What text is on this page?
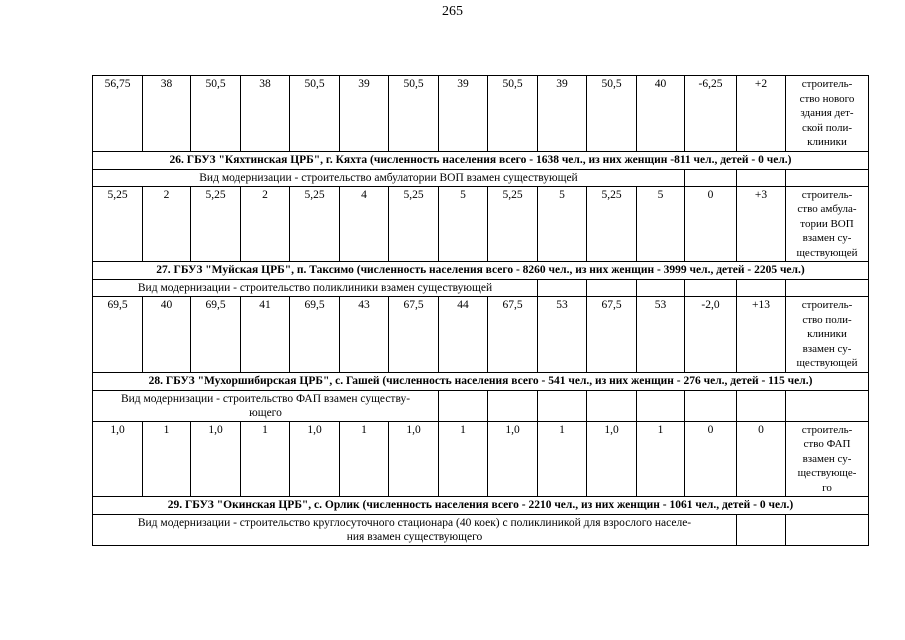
265
56,75	38	50,5	38	50,5	39	50,5	39	50,5	39	50,5	40	-6,25	+2	строитель-
ство нового
здания дет-
ской поли-
клиники
26. ГБУЗ "Кяхтинская ЦРБ", г. Кяхта (численность населения всего - 1638 чел., из них женщин -811 чел., детей - 0 чел.)														
Вид модернизации - строительство амбулатории ВОП взамен существующей														
5,25	2	5,25	2	5,25	4	5,25	5	5,25	5	5,25	5	0	+3	строитель-
ство амбула-
тории ВОП
взамен су-
ществующей
27. ГБУЗ "Муйская ЦРБ", п. Таксимо (численность населения всего - 8260 чел., из них женщин - 3999 чел., детей - 2205 чел.)														
Вид модернизации - строительство поликлиники взамен существующей														
69,5	40	69,5	41	69,5	43	67,5	44	67,5	53	67,5	53	-2,0	+13	строитель-
ство поли-
клиники
взамен су-
ществующей
28. ГБУЗ "Мухоршибирская ЦРБ", с. Гашей (численность населения всего - 541 чел., из них женщин - 276 чел., детей - 115 чел.)														
Вид модернизации - строительство ФАП взамен существу-
ющего														
1,0	1	1,0	1	1,0	1	1,0	1	1,0	1	1,0	1	0	0	строитель-
ство ФАП
взамен су-
ществующе-
го
29. ГБУЗ "Окинская ЦРБ", с. Орлик (численность населения всего - 2210 чел., из них женщин - 1061 чел., детей - 0 чел.)														
Вид модернизации - строительство круглосуточного стационара (40 коек) с поликлиникой для взрослого населе-
ния взамен существующего														
